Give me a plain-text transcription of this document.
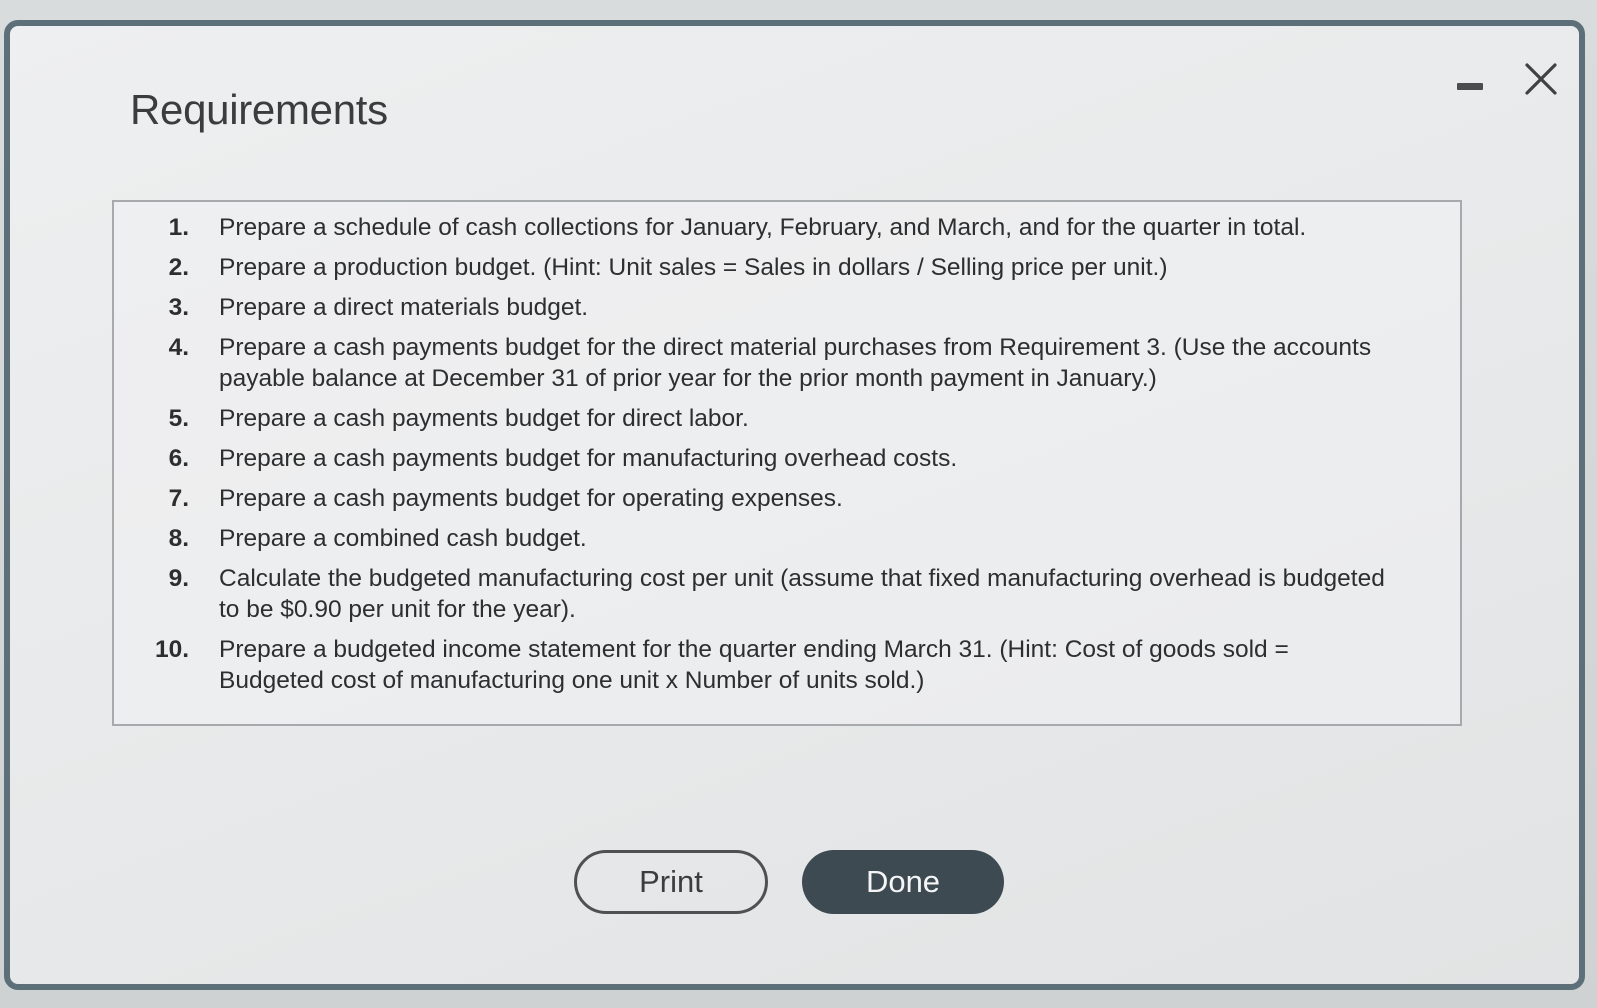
Requirements
1.	Prepare a schedule of cash collections for January, February, and March, and for the quarter in total.
2.	Prepare a production budget. (Hint: Unit sales = Sales in dollars / Selling price per unit.)
3.	Prepare a direct materials budget.
4.	Prepare a cash payments budget for the direct material purchases from Requirement 3. (Use the accounts payable balance at December 31 of prior year for the prior month payment in January.)
5.	Prepare a cash payments budget for direct labor.
6.	Prepare a cash payments budget for manufacturing overhead costs.
7.	Prepare a cash payments budget for operating expenses.
8.	Prepare a combined cash budget.
9.	Calculate the budgeted manufacturing cost per unit (assume that fixed manufacturing overhead is budgeted to be $0.90 per unit for the year).
10.	Prepare a budgeted income statement for the quarter ending March 31. (Hint: Cost of goods sold = Budgeted cost of manufacturing one unit x Number of units sold.)
Print	Done
